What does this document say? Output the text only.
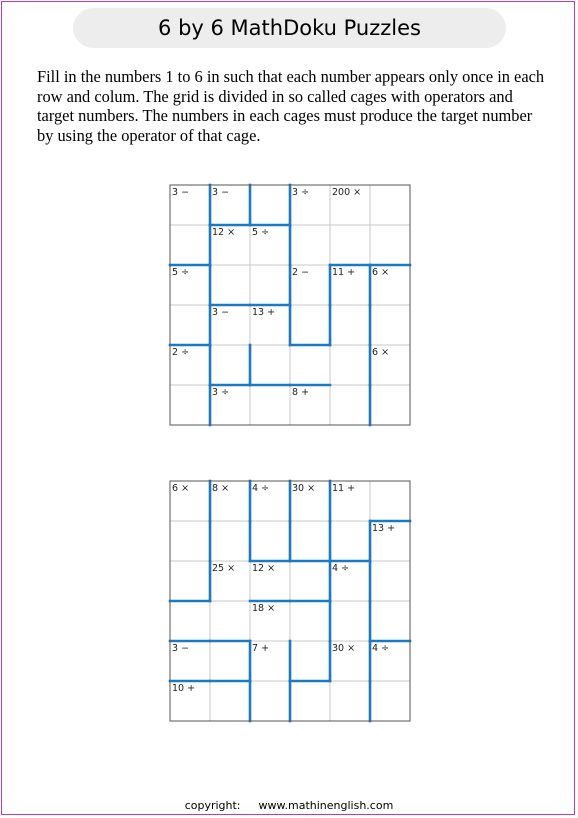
6 by 6 MathDoku Puzzles

Fill in the numbers 1 to 6 in such that each number appears only once in each row and colum. The grid is divided in so called cages with operators and target numbers. The numbers in each cages must produce the target number by using the operator of that cage.

3 − 3 −	3 ÷ 200 ×
12 × 5 ÷
5 ÷	2 − 11 + 6 ×
3 − 13 +
2 ÷	6 ×
3 ÷	8 +
6 × 8 × 4 ÷ 30 × 11 +
13 +
25 × 12 ×	4 ÷
18 ×
3 −	7 +	30 × 4 ÷
10 +
copyright: www.mathinenglish.com
